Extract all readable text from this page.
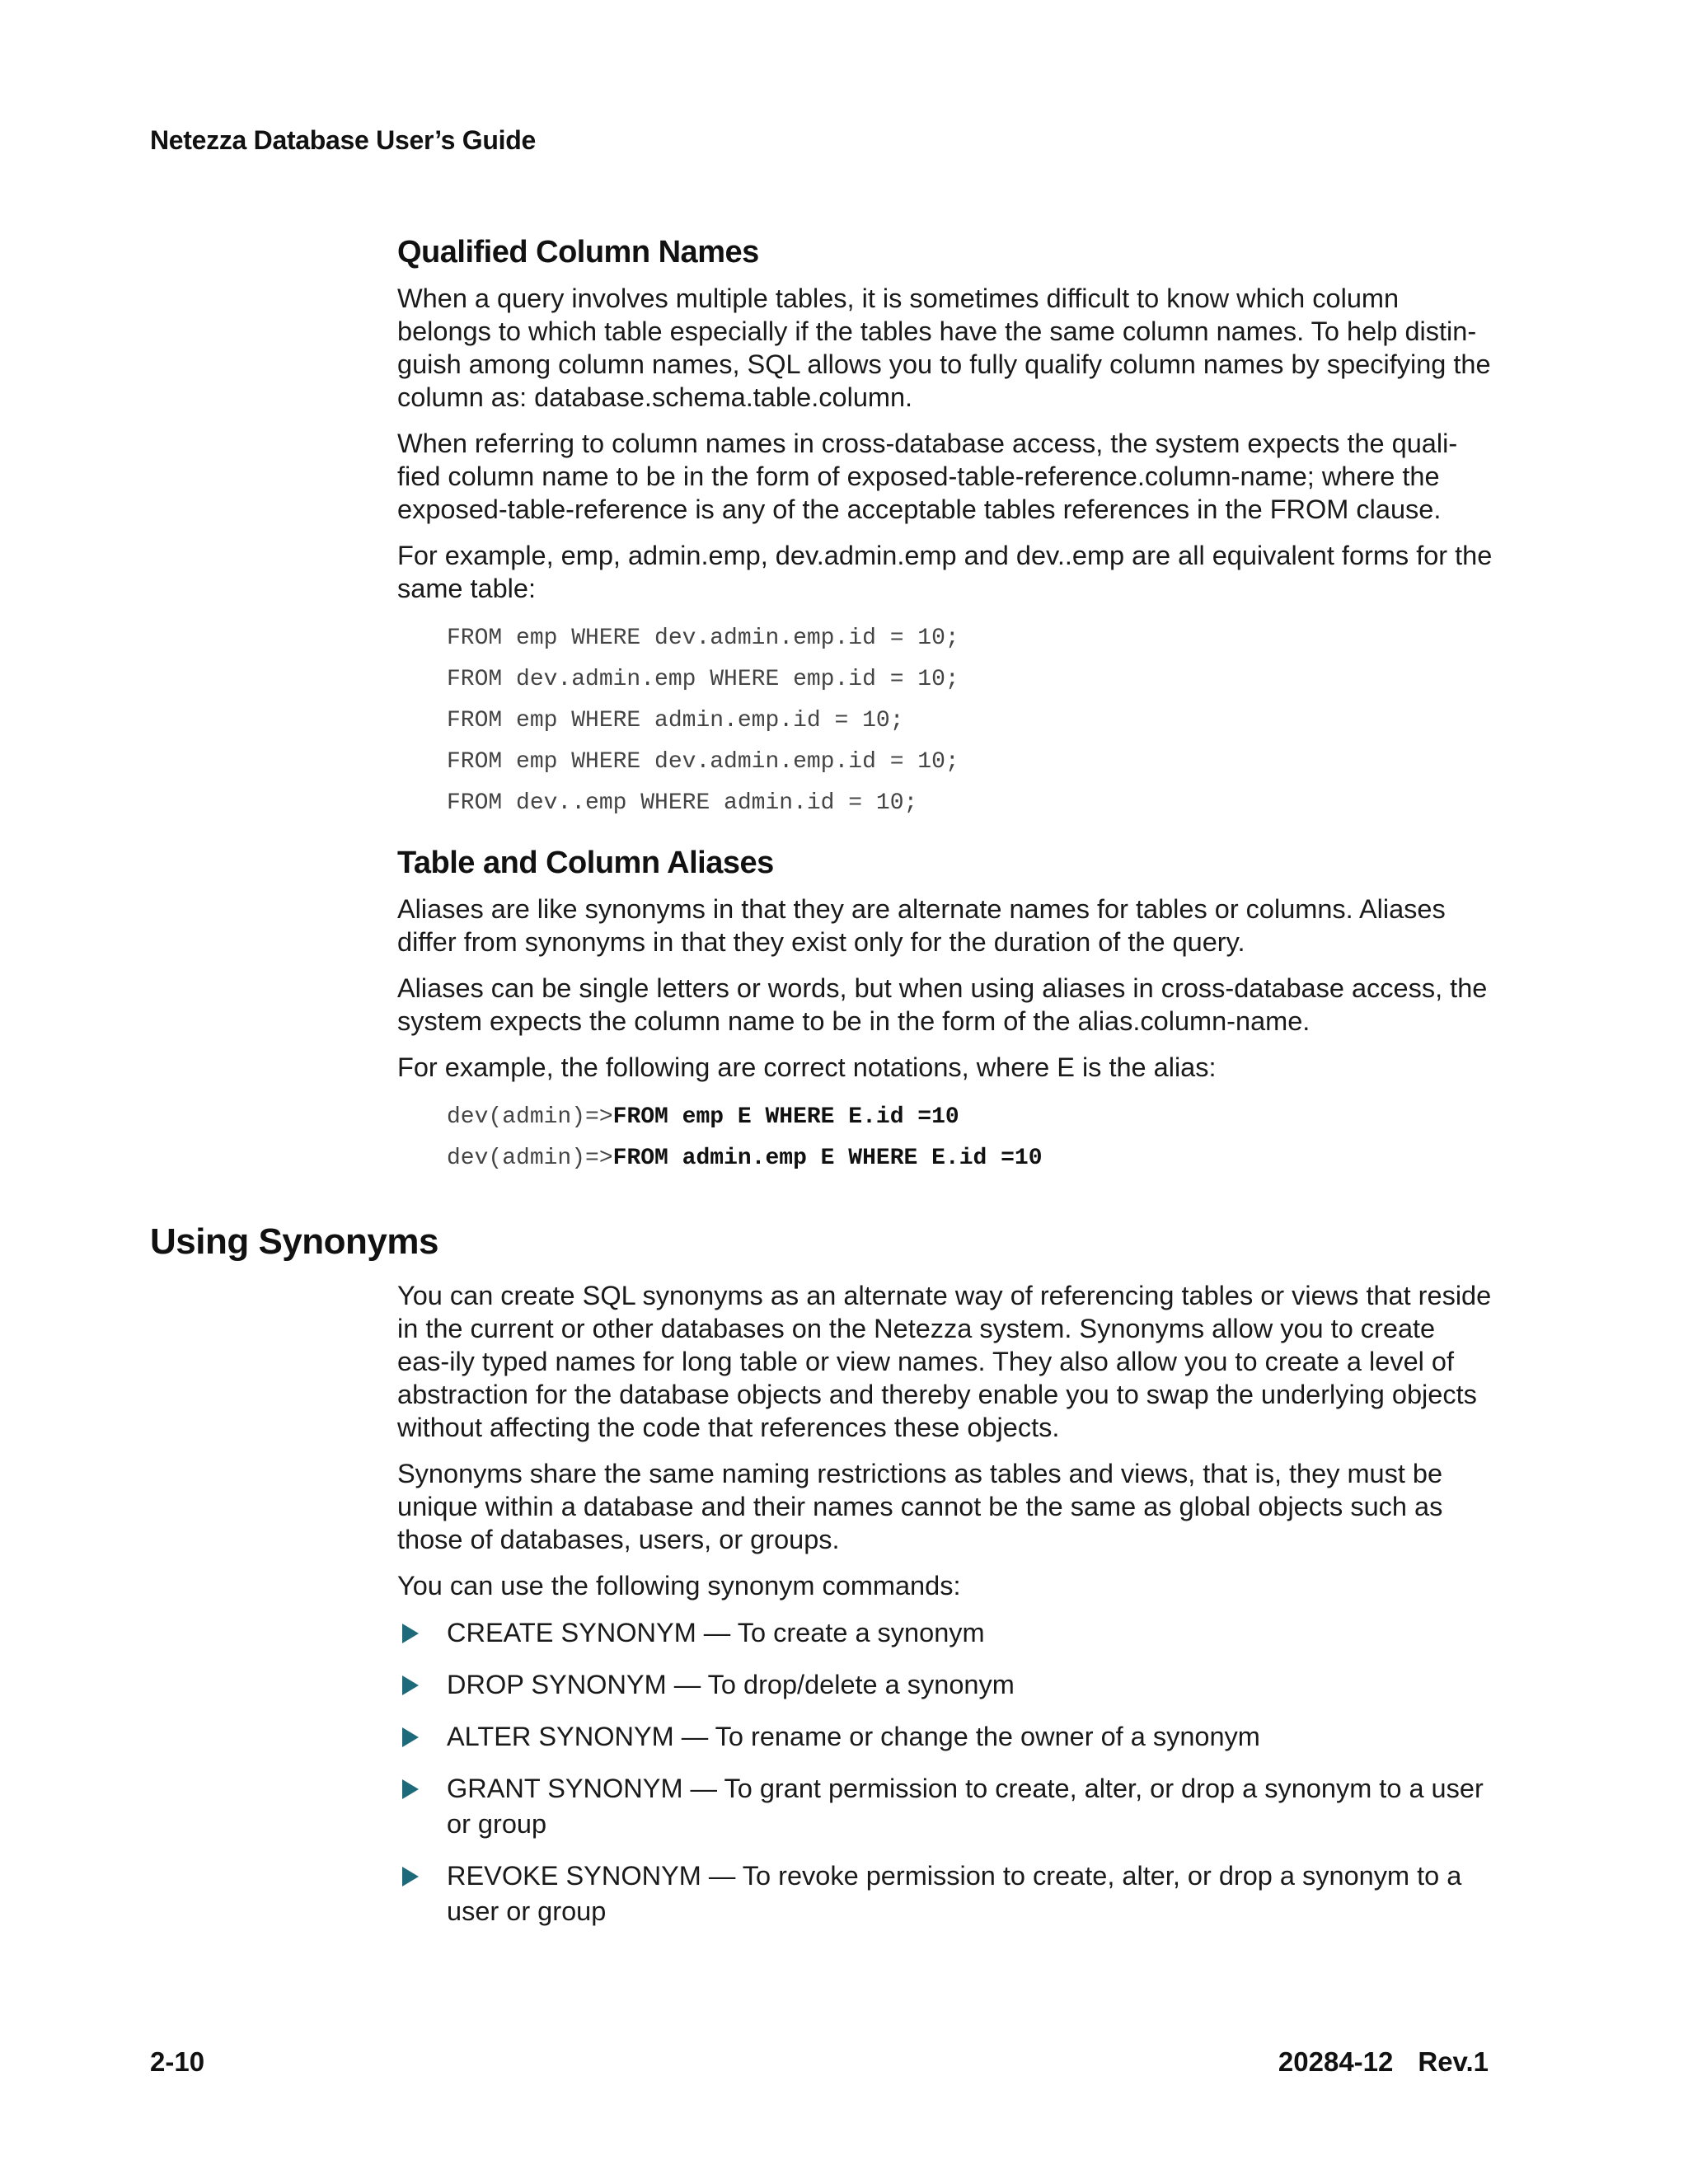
Netezza Database User’s Guide
Qualified Column Names

When a query involves multiple tables, it is sometimes difficult to know which column belongs to which table especially if the tables have the same column names. To help distin-guish among column names, SQL allows you to fully qualify column names by specifying the column as: database.schema.table.column.

When referring to column names in cross-database access, the system expects the quali-fied column name to be in the form of exposed-table-reference.column-name; where the exposed-table-reference is any of the acceptable tables references in the FROM clause.

For example, emp, admin.emp, dev.admin.emp and dev..emp are all equivalent forms for the same table:

FROM emp WHERE dev.admin.emp.id = 10;
FROM dev.admin.emp WHERE emp.id = 10;
FROM emp WHERE admin.emp.id = 10;
FROM emp WHERE dev.admin.emp.id = 10;
FROM dev..emp WHERE admin.id = 10;
Table and Column Aliases

Aliases are like synonyms in that they are alternate names for tables or columns. Aliases differ from synonyms in that they exist only for the duration of the query.

Aliases can be single letters or words, but when using aliases in cross-database access, the system expects the column name to be in the form of the alias.column-name.

For example, the following are correct notations, where E is the alias:

dev(admin)=>FROM emp E WHERE E.id =10
dev(admin)=>FROM admin.emp E WHERE E.id =10
Using Synonyms

You can create SQL synonyms as an alternate way of referencing tables or views that reside in the current or other databases on the Netezza system. Synonyms allow you to create eas-ily typed names for long table or view names. They also allow you to create a level of abstraction for the database objects and thereby enable you to swap the underlying objects without affecting the code that references these objects.

Synonyms share the same naming restrictions as tables and views, that is, they must be unique within a database and their names cannot be the same as global objects such as those of databases, users, or groups.

You can use the following synonym commands:

CREATE SYNONYM — To create a synonym
DROP SYNONYM — To drop/delete a synonym
ALTER SYNONYM — To rename or change the owner of a synonym
GRANT SYNONYM — To grant permission to create, alter, or drop a synonym to a user or group
REVOKE SYNONYM — To revoke permission to create, alter, or drop a synonym to a user or group
2-10	20284-12 Rev.1
